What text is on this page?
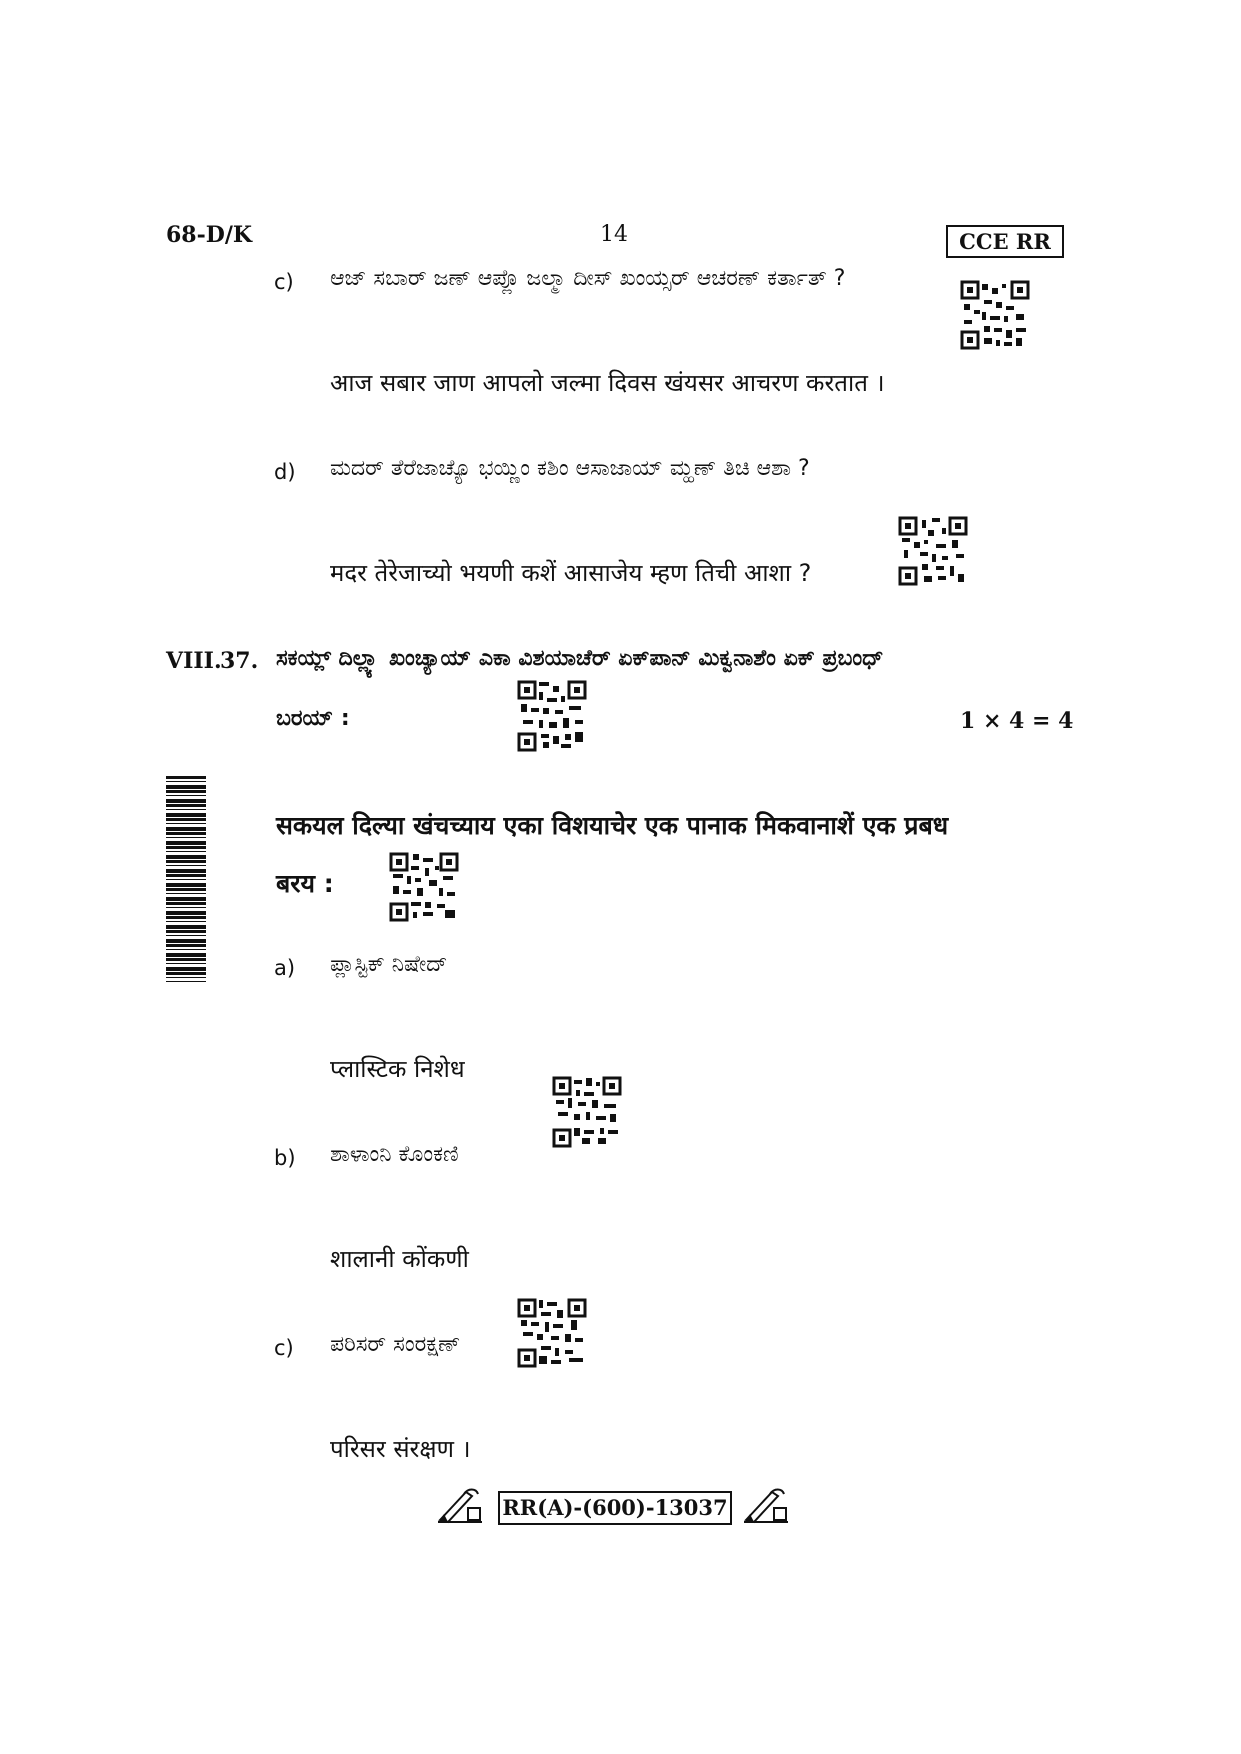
68-D/K	14	CCE RR
c) ಆಜ್ ಸಬಾರ್ ಜಣ್ ಆಪ್ಲೊ ಜಲ್ಮಾ ದೀಸ್ ಖಂಯ್ಸರ್ ಆಚರಣ್ ಕರ್ತಾತ್ ?
आज सबार जाण आपलो जल्मा दिवस खंयसर आचरण करतात ।
d) ಮದರ್ ತೆರೆಜಾಚ್ಯೊ ಭಯ್ಣಿಂ ಕಶಿಂ ಆಸಾಜಾಯ್ ಮ್ಹಣ್ ತಿಚಿ ಆಶಾ ?
मदर तेरेजाच्यो भयणी कशें आसाजेय म्हण तिची आशा ?
VIII.
37. ಸಕಯ್ಲ್ ದಿಲ್ಲ್ಯಾ ಖಂಚ್ಯಾಯ್ ಎಕಾ ವಿಶಯಾಚೆರ್ ಏಕ್‌ಪಾನ್ ಮಿಕ್ವನಾಶೆಂ ಏಕ್ ಪ್ರಬಂಧ್
ಬರಯ್ :	1 × 4 = 4
सकयल दिल्या खंचच्याय एका विशयाचेर एक पानाक मिकवानाशें एक प्रबध
बरय :
a) ಪ್ಲಾಸ್ಟಿಕ್ ನಿಷೇದ್
प्लास्टिक निशेध
b) ಶಾಳಾಂನಿ ಕೊಂಕಣಿ
शालानी कोंकणी
c) ಪರಿಸರ್ ಸಂರಕ್ಷಣ್
परिसर संरक्षण ।
RR(A)-(600)-13037
